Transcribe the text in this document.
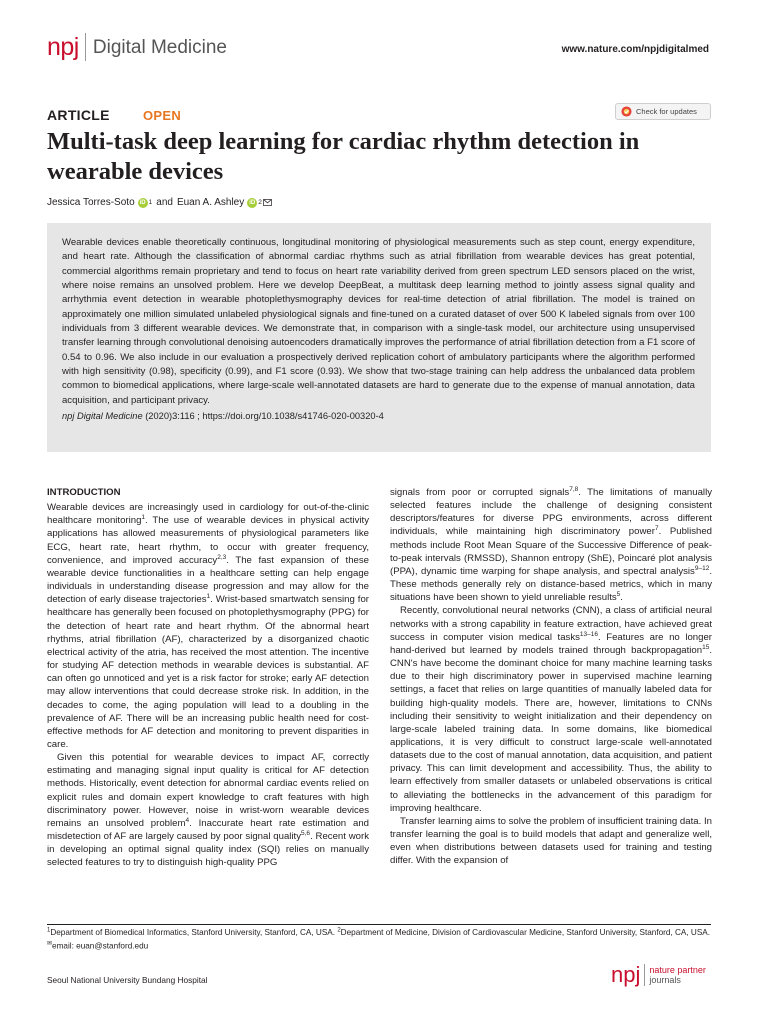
npj Digital Medicine	www.nature.com/npjdigitalmed
ARTICLE	OPEN	Check for updates
Multi-task deep learning for cardiac rhythm detection in wearable devices
Jessica Torres-Soto iD 1 and Euan A. Ashley iD 2

Wearable devices enable theoretically continuous, longitudinal monitoring of physiological measurements such as step count, energy expenditure, and heart rate. Although the classification of abnormal cardiac rhythms such as atrial fibrillation from wearable devices has great potential, commercial algorithms remain proprietary and tend to focus on heart rate variability derived from green spectrum LED sensors placed on the wrist, where noise remains an unsolved problem. Here we develop DeepBeat, a multitask deep learning method to jointly assess signal quality and arrhythmia event detection in wearable photoplethysmography devices for real-time detection of atrial fibrillation. The model is trained on approximately one million simulated unlabeled physiological signals and fine-tuned on a curated dataset of over 500 K labeled signals from over 100 individuals from 3 different wearable devices. We demonstrate that, in comparison with a single-task model, our architecture using unsupervised transfer learning through convolutional denoising autoencoders dramatically improves the performance of atrial fibrillation detection from a F1 score of 0.54 to 0.96. We also include in our evaluation a prospectively derived replication cohort of ambulatory participants where the algorithm performed with high sensitivity (0.98), specificity (0.99), and F1 score (0.93). We show that two-stage training can help address the unbalanced data problem common to biomedical applications, where large-scale well-annotated datasets are hard to generate due to the expense of manual annotation, data acquisition, and participant privacy.

npj Digital Medicine (2020)3:116 ; https://doi.org/10.1038/s41746-020-00320-4

INTRODUCTION

Wearable devices are increasingly used in cardiology for out-of-the-clinic healthcare monitoring$^1$. The use of wearable devices in physical activity applications has allowed measurements of physiological parameters like ECG, heart rate, heart rhythm, to occur with greater frequency, convenience, and improved accuracy$^{2,3}$. The fast expansion of these wearable device functionalities in a healthcare setting can help engage individuals in understanding disease progression and may allow for the detection of early disease trajectories$^1$. Wrist-based smartwatch sensing for healthcare has generally been focused on photoplethysmography (PPG) for the detection of heart rate and heart rhythm. Of the abnormal heart rhythms, atrial fibrillation (AF), characterized by a disorganized chaotic electrical activity of the atria, has received the most attention. The incentive for studying AF detection methods in wearable devices is substantial. AF can often go unnoticed and yet is a risk factor for stroke; early AF detection may allow interventions that could decrease stroke risk. In addition, in the decades to come, the aging population will lead to a doubling in the prevalence of AF. There will be an increasing public health need for cost-effective methods for AF detection and monitoring to prevent disparities in care.

Given this potential for wearable devices to impact AF, correctly estimating and managing signal input quality is critical for AF detection methods. Historically, event detection for abnormal cardiac events relied on explicit rules and domain expert knowledge to craft features with high discriminatory power. However, noise in wrist-worn wearable devices remains an unsolved problem$^4$. Inaccurate heart rate estimation and misdetection of AF are largely caused by poor signal quality$^{5,6}$. Recent work in developing an optimal signal quality index (SQI) relies on manually selected features to try to distinguish high-quality PPG

signals from poor or corrupted signals$^{7,8}$. The limitations of manually selected features include the challenge of designing consistent descriptors/features for diverse PPG environments, across different individuals, while maintaining high discriminatory power$^7$. Published methods include Root Mean Square of the Successive Difference of peak-to-peak intervals (RMSSD), Shannon entropy (ShE), Poincaré plot analysis (PPA), dynamic time warping for shape analysis, and spectral analysis$^{9-12}$. These methods generally rely on distance-based metrics, which in many situations have been shown to yield unreliable results$^5$.

Recently, convolutional neural networks (CNN), a class of artificial neural networks with a strong capability in feature extraction, have achieved great success in computer vision medical tasks$^{13-16}$. Features are no longer hand-derived but learned by models trained through backpropagation$^{15}$. CNN's have become the dominant choice for many machine learning tasks due to their high discriminatory power in supervised machine learning settings, a facet that relies on large quantities of manually labeled data for building high-quality models. There are, however, limitations to CNNs including their sensitivity to weight initialization and their dependency on large-scale labeled training data. In some domains, like biomedical applications, it is very difficult to construct large-scale well-annotated datasets due to the cost of manual annotation, data acquisition, and patient privacy. This can limit development and accessibility. Thus, the ability to learn effectively from smaller datasets or unlabeled observations is critical to alleviating the bottlenecks in the advancement of this paradigm for improving healthcare.

Transfer learning aims to solve the problem of insufficient training data. In transfer learning the goal is to build models that adapt and generalize well, even when distributions between datasets used for training and testing differ. With the expansion of

$^1$Department of Biomedical Informatics, Stanford University, Stanford, CA, USA. $^2$Department of Medicine, Division of Cardiovascular Medicine, Stanford University, Stanford, CA, USA. ✉email: euan@stanford.edu
Seoul National University Bundang Hospital	npj nature partner
journals
